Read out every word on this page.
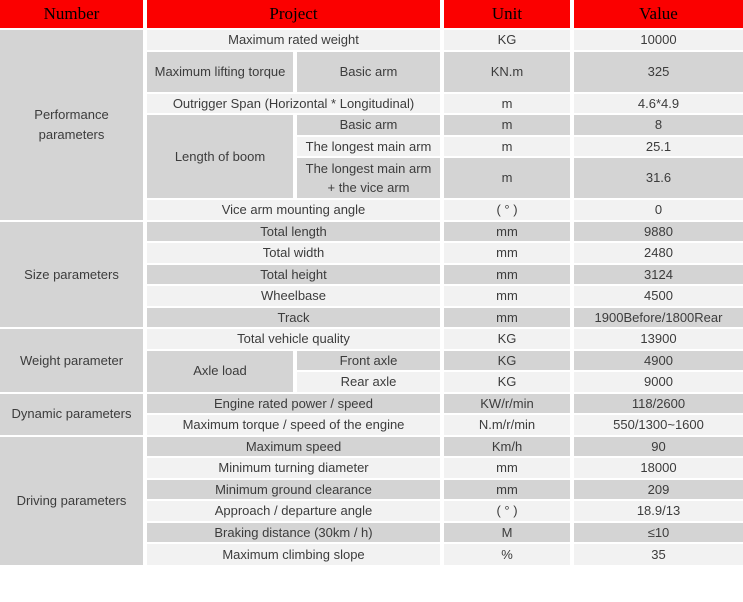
Number	Project		Unit	Value
Performance parameters	Maximum rated weight		KG	10000
	Maximum lifting torque	Basic arm	KN.m	325
	Outrigger Span (Horizontal * Longitudinal)		m	4.6*4.9
	Length of boom	Basic arm	m	8
		The longest main arm	m	25.1
		The longest main arm + the vice arm	m	31.6
	Vice arm mounting angle		( ° )	0
Size parameters	Total length		mm	9880
	Total width		mm	2480
	Total height		mm	3124
	Wheelbase		mm	4500
	Track		mm	1900Before/1800Rear
Weight parameter	Total vehicle quality		KG	13900
	Axle load	Front axle	KG	4900
		Rear axle	KG	9000
Dynamic parameters	Engine rated power / speed		KW/r/min	118/2600
	Maximum torque / speed of the engine		N.m/r/min	550/1300~1600
Driving parameters	Maximum speed		Km/h	90
	Minimum turning diameter		mm	18000
	Minimum ground clearance		mm	209
	Approach / departure angle		( ° )	18.9/13
	Braking distance (30km / h)		M	≤10
	Maximum climbing slope		%	35
